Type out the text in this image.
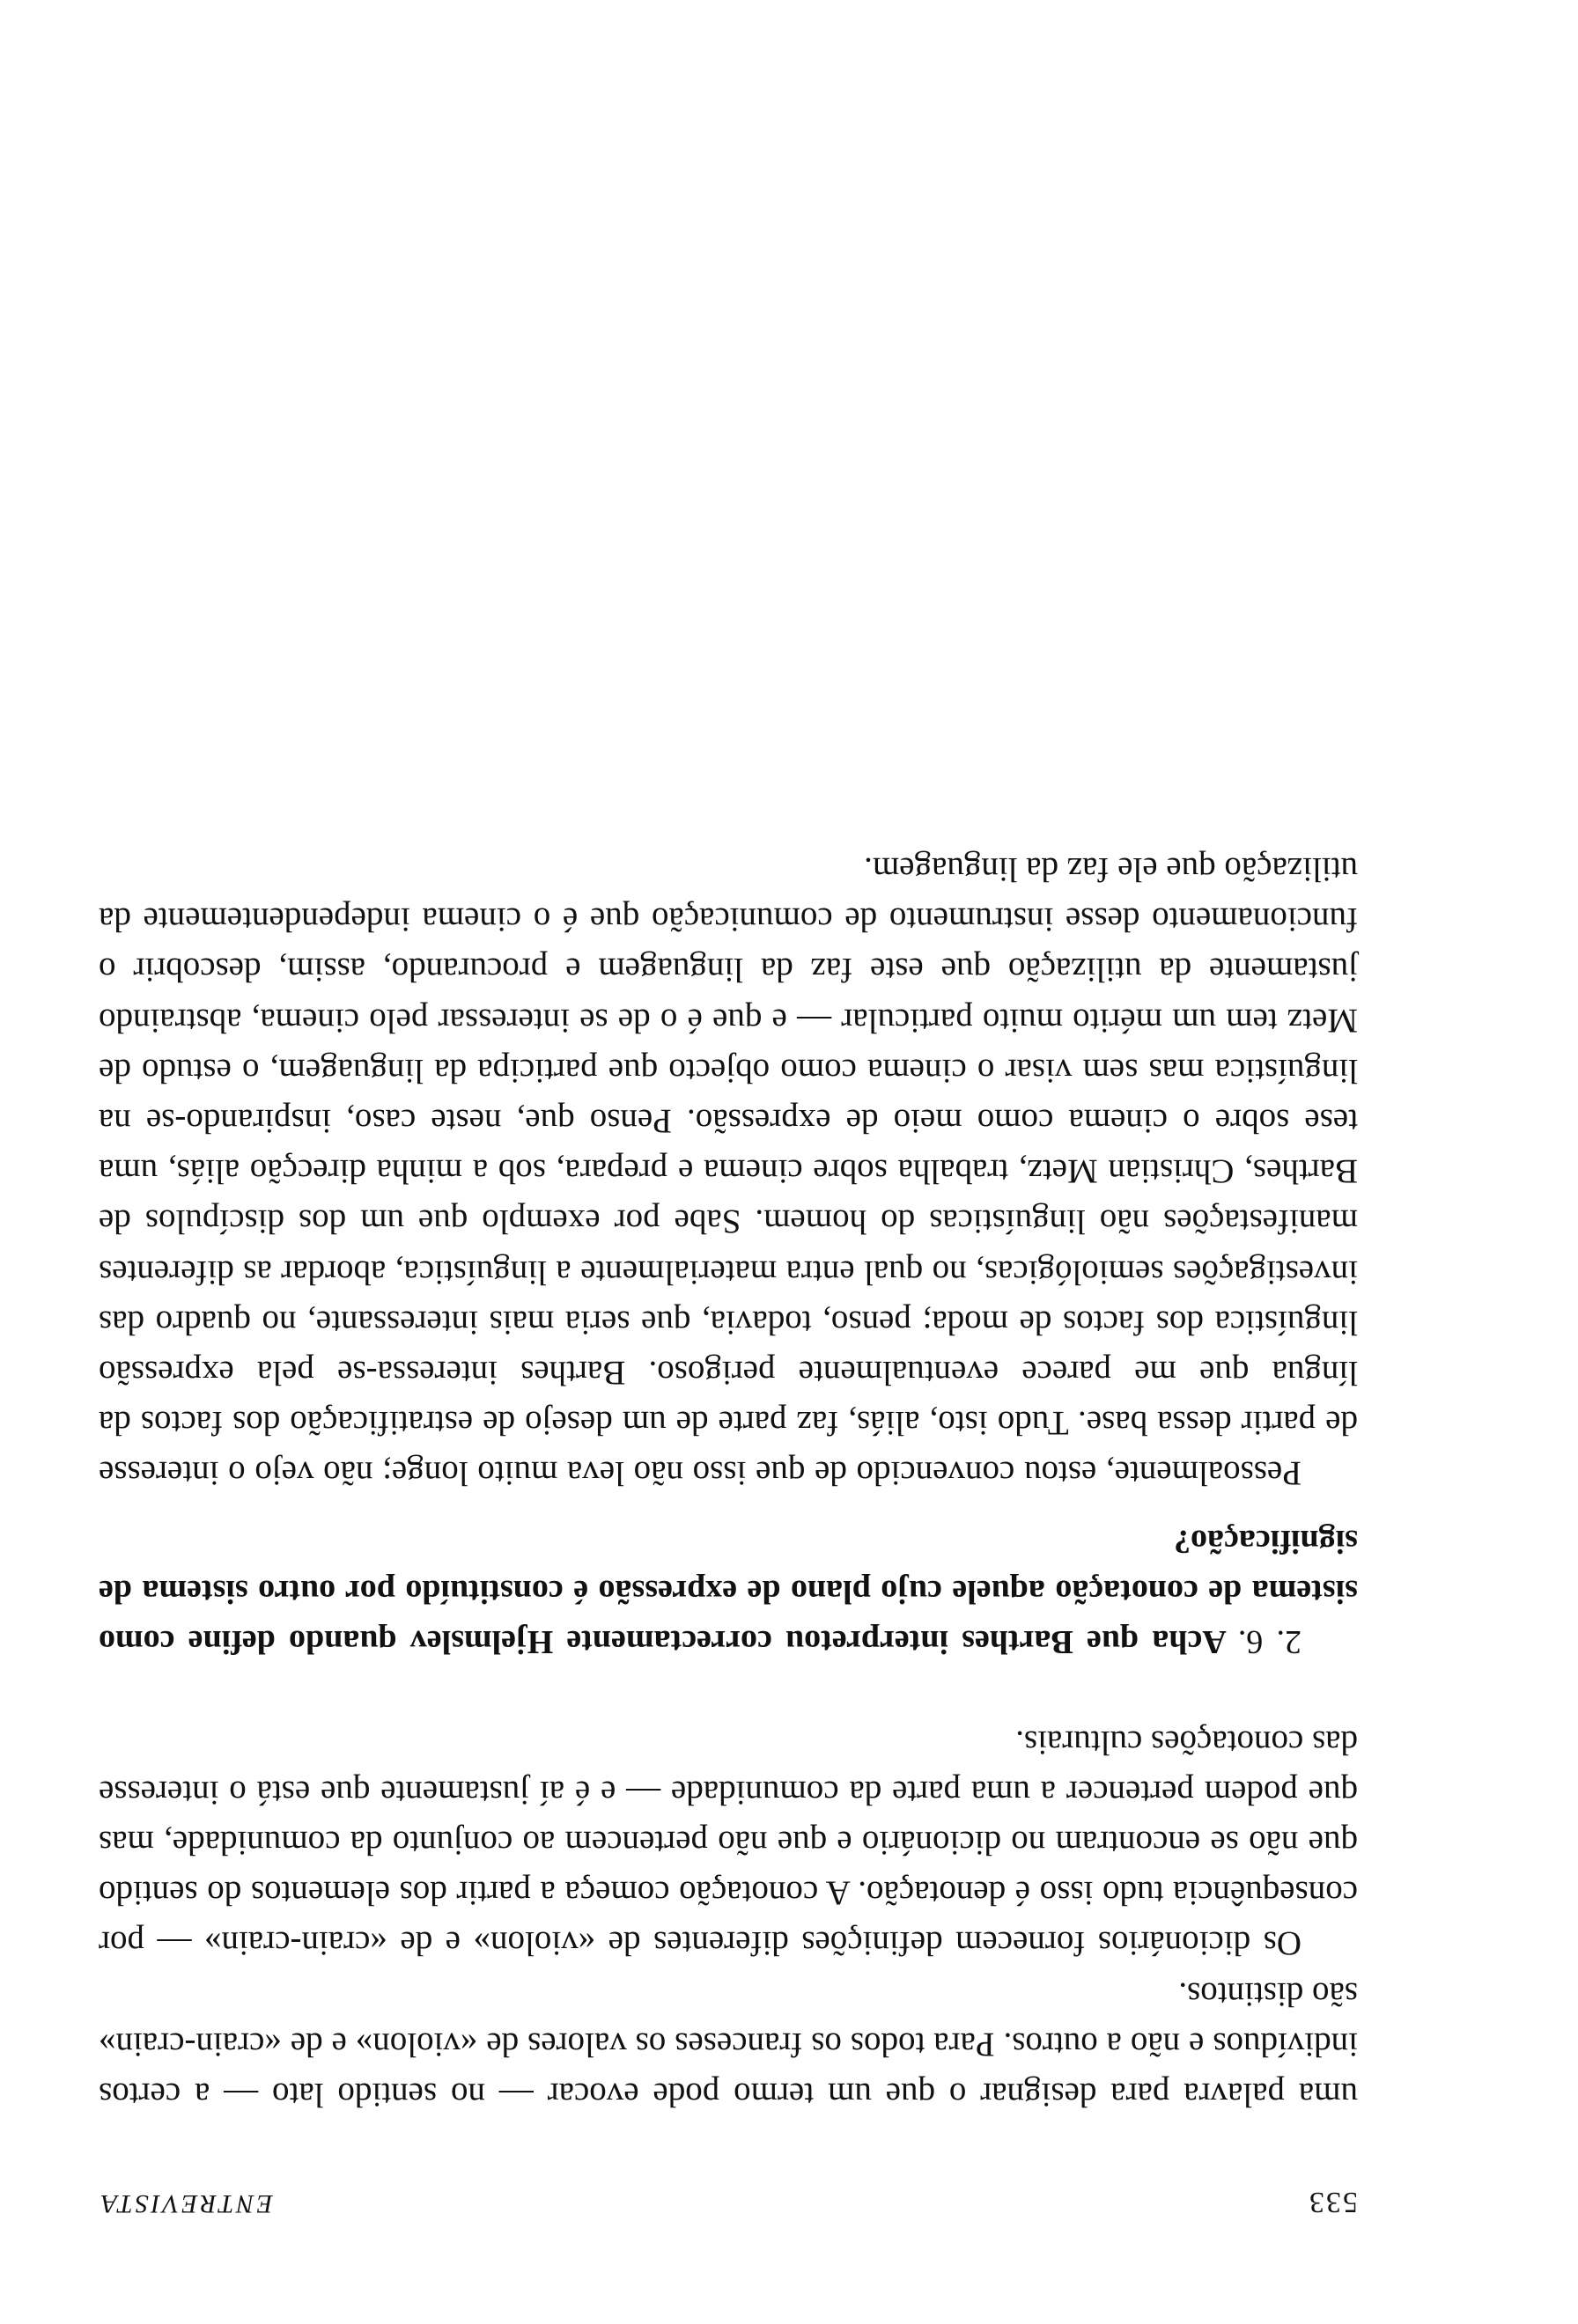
533
ENTREVISTA

uma palavra para designar o que um termo pode evocar — no sentido lato — a certos indivíduos e não a outros. Para todos os franceses os valores de «violon» e de «crain-crain» são distintos.

Os dicionários fornecem definições diferentes de «violon» e de «crain-crain» — por consequência tudo isso é denotação. A conotação começa a partir dos elementos do sentido que não se encontram no dicionário e que não pertencem ao conjunto da comunidade, mas que podem pertencer a uma parte da comunidade — e é aí justamente que está o interesse das conotações culturais.

2. 6. Acha que Barthes interpretou correctamente Hjelmslev quando define como sistema de conotação aquele cujo plano de expressão é constituído por outro sistema de significação?

Pessoalmente, estou convencido de que isso não leva muito longe; não vejo o interesse de partir dessa base. Tudo isto, aliás, faz parte de um desejo de estratificação dos factos da língua que me parece eventualmente perigoso. Barthes interessa-se pela expressão linguística dos factos de moda; penso, todavia, que seria mais interessante, no quadro das investigações semiológicas, no qual entra materialmente a linguística, abordar as diferentes manifestações não linguísticas do homem. Sabe por exemplo que um dos discípulos de Barthes, Christian Metz, trabalha sobre cinema e prepara, sob a minha direcção aliás, uma tese sobre o cinema como meio de expressão. Penso que, neste caso, inspirando-se na linguística mas sem visar o cinema como objecto que participa da linguagem, o estudo de Metz tem um mérito muito particular — e que é o de se interessar pelo cinema, abstraindo justamente da utilização que este faz da linguagem e procurando, assim, descobrir o funcionamento desse instrumento de comunicação que é o cinema independentemente da utilização que ele faz da linguagem.
